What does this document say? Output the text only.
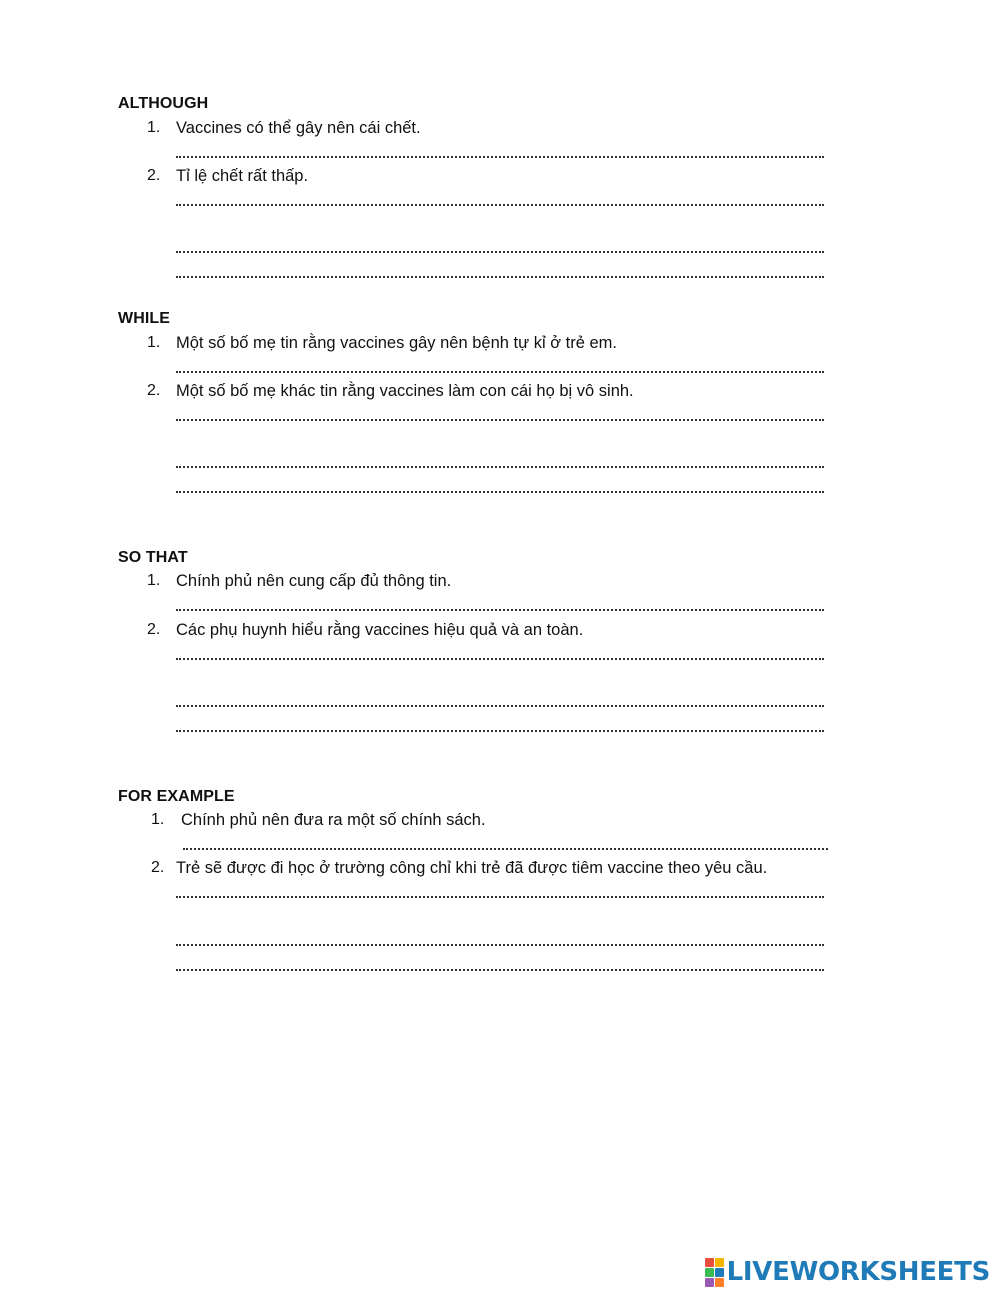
ALTHOUGH
1. Vaccines có thể gây nên cái chết.
2. Tỉ lệ chết rất thấp.
WHILE
1. Một số bố mẹ tin rằng vaccines gây nên bệnh tự kỉ ở trẻ em.
2. Một số bố mẹ khác tin rằng vaccines làm con cái họ bị vô sinh.
SO THAT
1. Chính phủ nên cung cấp đủ thông tin.
2. Các phụ huynh hiểu rằng vaccines hiệu quả và an toàn.
FOR EXAMPLE
1. Chính phủ nên đưa ra một số chính sách.
2. Trẻ sẽ được đi học ở trường công chỉ khi trẻ đã được tiêm vaccine theo yêu cầu.
LIVEWORKSHEETS
